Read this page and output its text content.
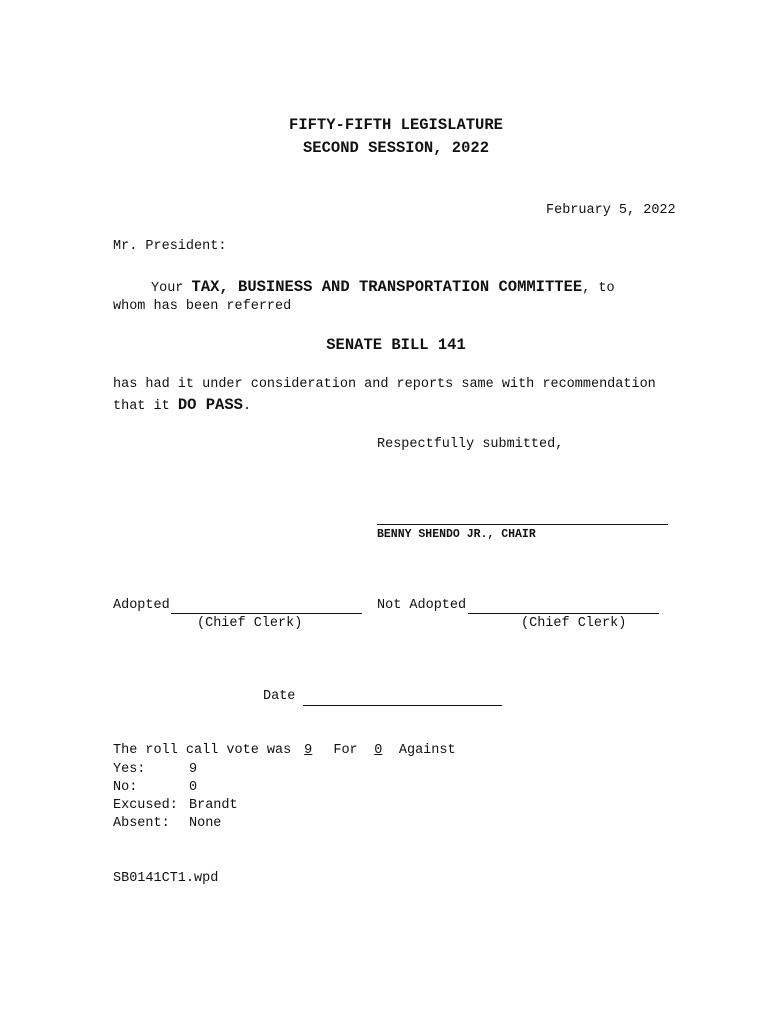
FIFTY-FIFTH LEGISLATURE
SECOND SESSION, 2022
February 5, 2022
Mr. President:
Your TAX, BUSINESS AND TRANSPORTATION COMMITTEE, to
whom has been referred
SENATE BILL 141
has had it under consideration and reports same with recommendation
that it DO PASS.
Respectfully submitted,
BENNY SHENDO JR., CHAIR
Adopted
(Chief Clerk)
Not Adopted
(Chief Clerk)
Date
The roll call vote was 9 For 0 Against
Yes:	9
No:	0
Excused: Brandt
Absent: None
SB0141CT1.wpd
